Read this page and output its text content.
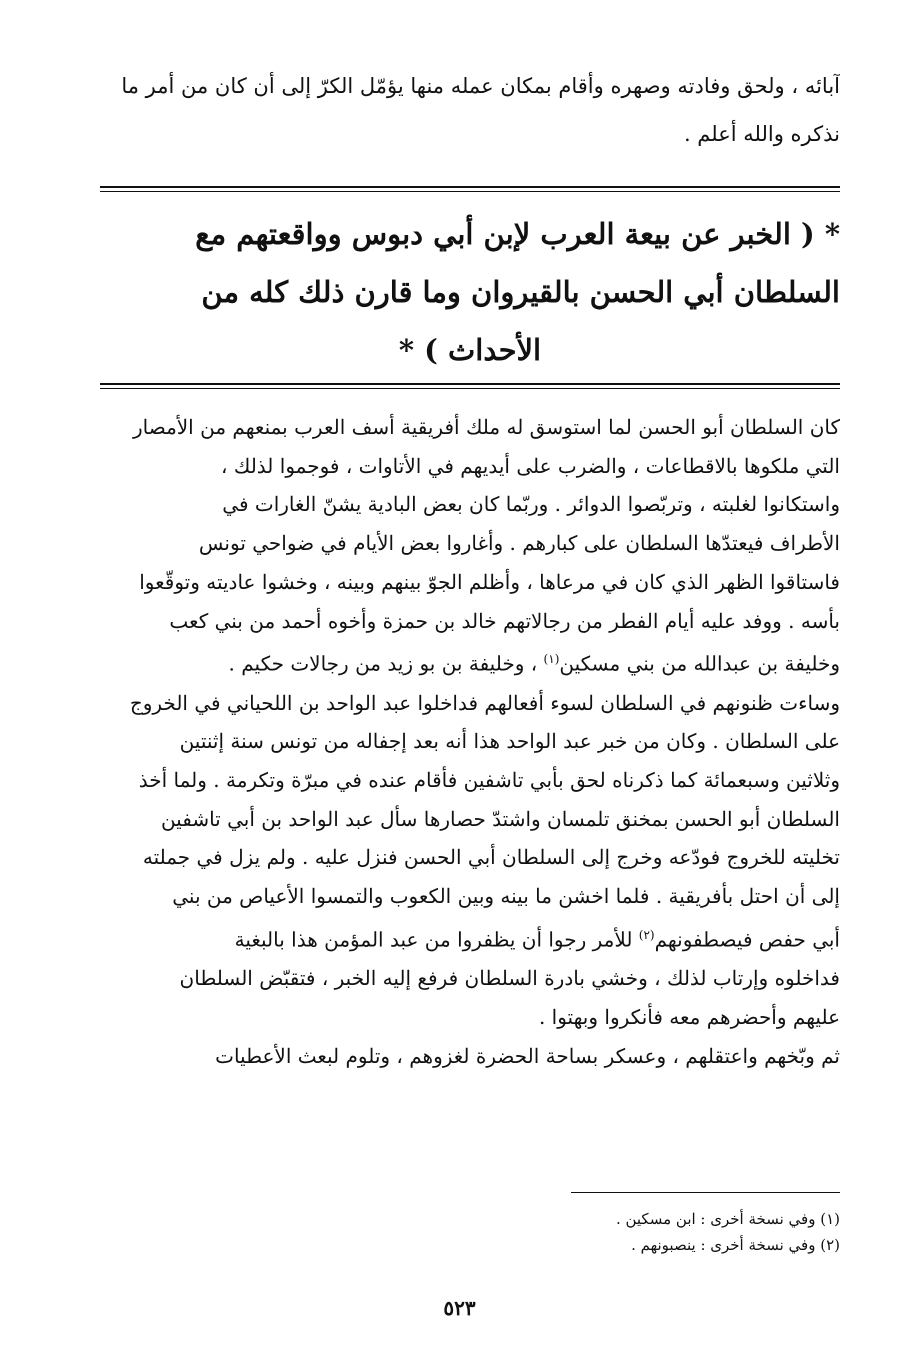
آبائه ، ولحق وفادته وصهره وأقام بمكان عمله منها يؤمّل الكرّ إلى أن كان من أمر ما
نذكره والله أعلم .
* ( الخبر عن بيعة العرب لإبن أبي دبوس وواقعتهم مع
السلطان أبي الحسن بالقيروان وما قارن ذلك كله من
الأحداث ) *
كان السلطان أبو الحسن لما استوسق له ملك أفريقية أسف العرب بمنعهم من الأمصار
التي ملكوها بالاقطاعات ، والضرب على أيديهم في الأتاوات ، فوجموا لذلك ،
واستكانوا لغلبته ، وتربّصوا الدوائر . وربّما كان بعض البادية يشنّ الغارات في
الأطراف فيعتدّها السلطان على كبارهم . وأغاروا بعض الأيام في ضواحي تونس
فاستاقوا الظهر الذي كان في مرعاها ، وأظلم الجوّ بينهم وبينه ، وخشوا عاديته وتوقّعوا
بأسه . ووفد عليه أيام الفطر من رجالاتهم خالد بن حمزة وأخوه أحمد من بني كعب
وخليفة بن عبدالله من بني مسكين$^{(١)}$ ، وخليفة بن بو زيد من رجالات حكيم .
وساءت ظنونهم في السلطان لسوء أفعالهم فداخلوا عبد الواحد بن اللحياني في الخروج
على السلطان . وكان من خبر عبد الواحد هذا أنه بعد إجفاله من تونس سنة إثنتين
وثلاثين وسبعمائة كما ذكرناه لحق بأبي تاشفين فأقام عنده في مبرّة وتكرمة . ولما أخذ
السلطان أبو الحسن بمخنق تلمسان واشتدّ حصارها سأل عبد الواحد بن أبي تاشفين
تخليته للخروج فودّعه وخرج إلى السلطان أبي الحسن فنزل عليه . ولم يزل في جملته
إلى أن احتل بأفريقية . فلما اخشن ما بينه وبين الكعوب والتمسوا الأعياص من بني
أبي حفص فيصطفونهم$^{(٢)}$ للأمر رجوا أن يظفروا من عبد المؤمن هذا بالبغية
فداخلوه وإرتاب لذلك ، وخشي بادرة السلطان فرفع إليه الخبر ، فتقبّض السلطان
عليهم وأحضرهم معه فأنكروا وبهتوا .
ثم وبّخهم واعتقلهم ، وعسكر بساحة الحضرة لغزوهم ، وتلوم لبعث الأعطيات
(١) وفي نسخة أخرى : ابن مسكين .
(٢) وفي نسخة أخرى : ينصبونهم .
٥٢٣
